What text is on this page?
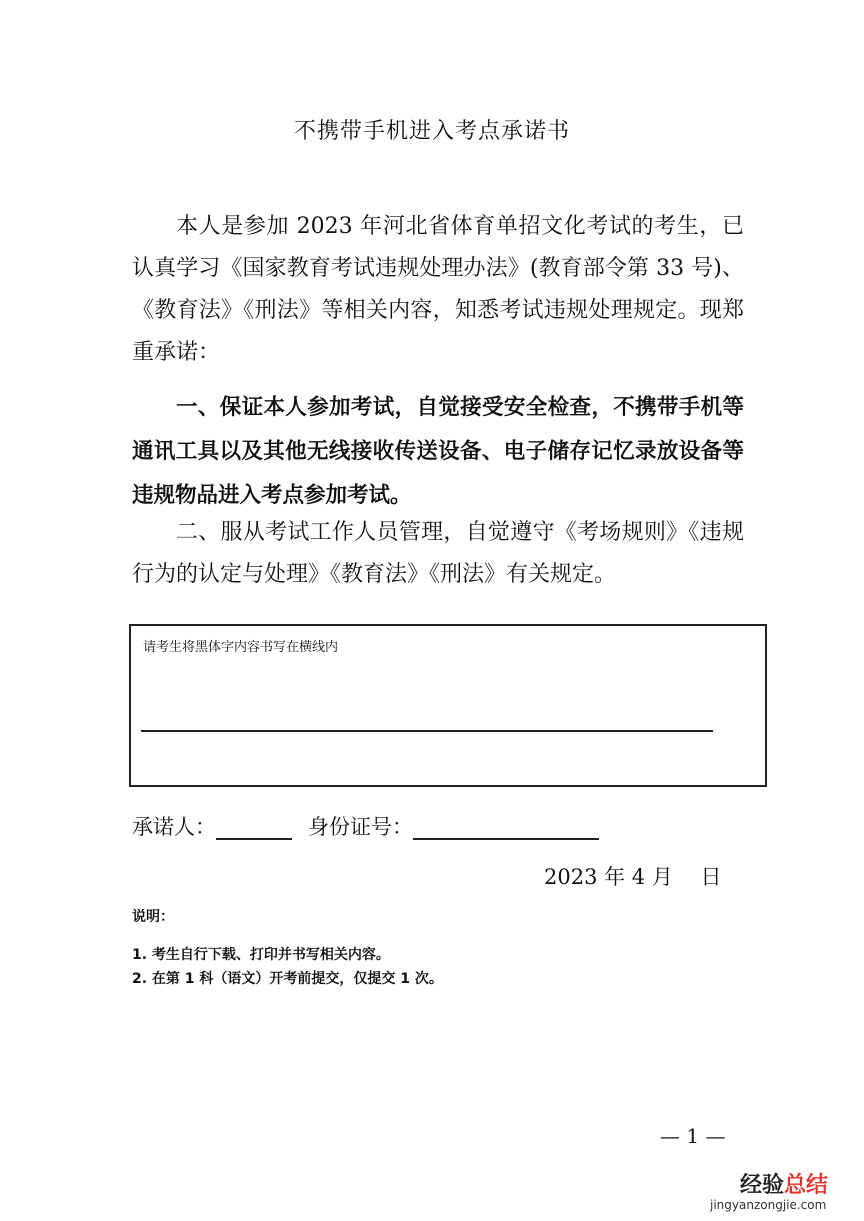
不携带手机进入考点承诺书
本人是参加 2023 年河北省体育单招文化考试的考生，已认真学习《国家教育考试违规处理办法》(教育部令第 33 号)、《教育法》《刑法》等相关内容，知悉考试违规处理规定。现郑重承诺：
一、保证本人参加考试，自觉接受安全检查，不携带手机等通讯工具以及其他无线接收传送设备、电子储存记忆录放设备等违规物品进入考点参加考试。
二、服从考试工作人员管理，自觉遵守《考场规则》《违规行为的认定与处理》《教育法》《刑法》有关规定。
请考生将黑体字内容书写在横线内
承诺人：	身份证号：
2023 年 4 月　 日
说明：
1. 考生自行下载、打印并书写相关内容。
2. 在第 1 科（语文）开考前提交，仅提交 1 次。
— 1 —
经验总结
jingyanzongjie.com
